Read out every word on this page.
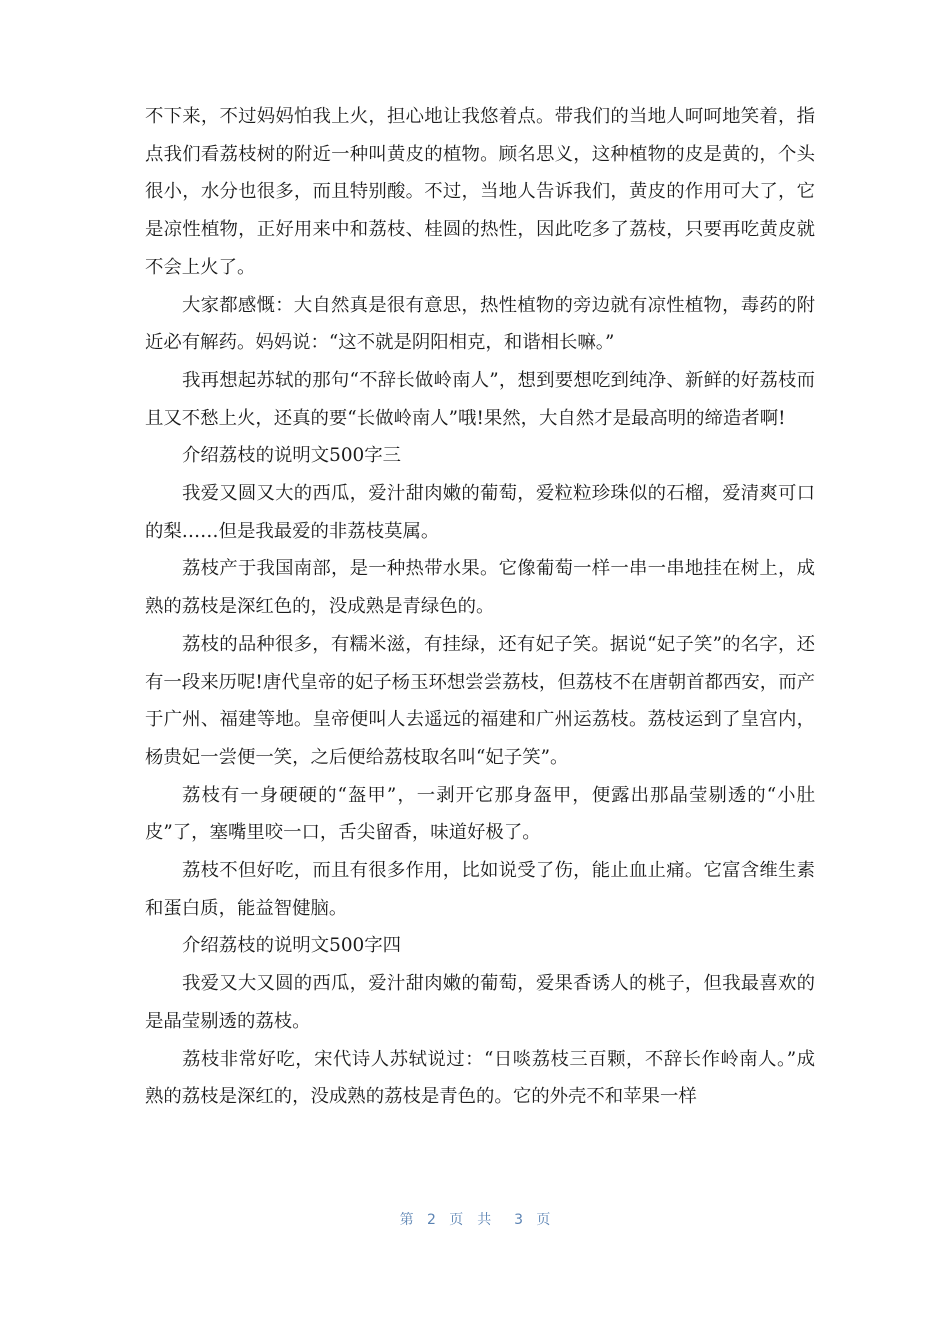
不下来，不过妈妈怕我上火，担心地让我悠着点。带我们的当地人呵呵地笑着，指点我们看荔枝树的附近一种叫黄皮的植物。顾名思义，这种植物的皮是黄的，个头很小，水分也很多，而且特别酸。不过，当地人告诉我们，黄皮的作用可大了，它是凉性植物，正好用来中和荔枝、桂圆的热性，因此吃多了荔枝，只要再吃黄皮就不会上火了。

大家都感慨：大自然真是很有意思，热性植物的旁边就有凉性植物，毒药的附近必有解药。妈妈说：“这不就是阴阳相克，和谐相长嘛。”

我再想起苏轼的那句“不辞长做岭南人”，想到要想吃到纯净、新鲜的好荔枝而且又不愁上火，还真的要“长做岭南人”哦!果然，大自然才是最高明的缔造者啊!

介绍荔枝的说明文500字三

我爱又圆又大的西瓜，爱汁甜肉嫩的葡萄，爱粒粒珍珠似的石榴，爱清爽可口的梨……但是我最爱的非荔枝莫属。

荔枝产于我国南部，是一种热带水果。它像葡萄一样一串一串地挂在树上，成熟的荔枝是深红色的，没成熟是青绿色的。

荔枝的品种很多，有糯米滋，有挂绿，还有妃子笑。据说“妃子笑”的名字，还有一段来历呢!唐代皇帝的妃子杨玉环想尝尝荔枝，但荔枝不在唐朝首都西安，而产于广州、福建等地。皇帝便叫人去遥远的福建和广州运荔枝。荔枝运到了皇宫内，杨贵妃一尝便一笑，之后便给荔枝取名叫“妃子笑”。

荔枝有一身硬硬的“盔甲”，一剥开它那身盔甲，便露出那晶莹剔透的“小肚皮”了，塞嘴里咬一口，舌尖留香，味道好极了。

荔枝不但好吃，而且有很多作用，比如说受了伤，能止血止痛。它富含维生素和蛋白质，能益智健脑。

介绍荔枝的说明文500字四

我爱又大又圆的西瓜，爱汁甜肉嫩的葡萄，爱果香诱人的桃子，但我最喜欢的是晶莹剔透的荔枝。

荔枝非常好吃，宋代诗人苏轼说过：“日啖荔枝三百颗，不辞长作岭南人。”成熟的荔枝是深红的，没成熟的荔枝是青色的。它的外壳不和苹果一样

第 2 页共 3 页
